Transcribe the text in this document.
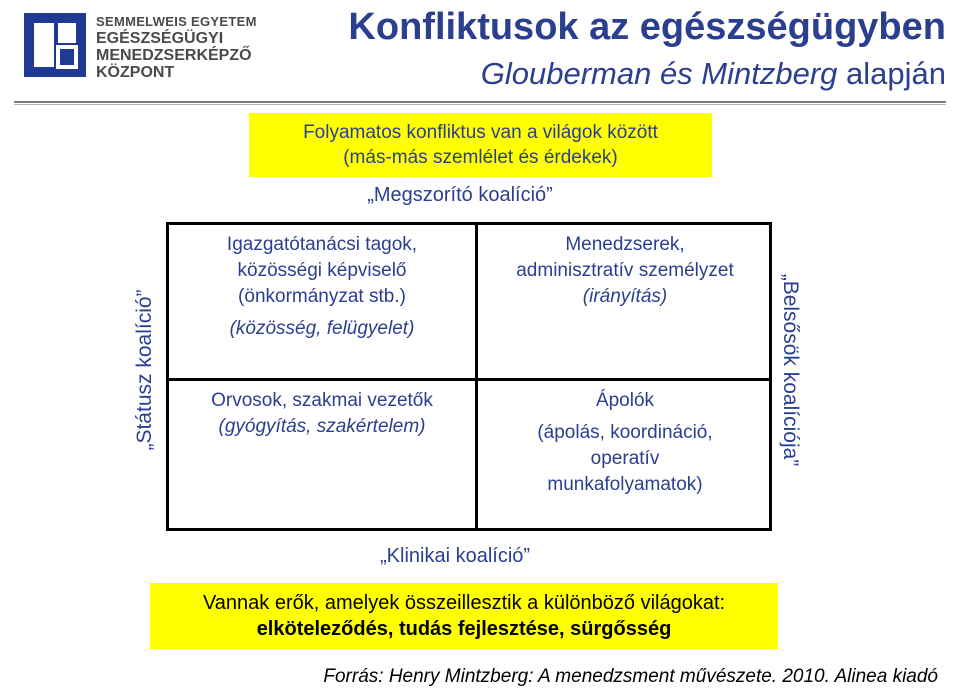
SEMMELWEIS EGYETEM
EGÉSZSÉGÜGYI
MENEDZSERKÉPZŐ
KÖZPONT
Konfliktusok az egészségügyben
Glouberman és Mintzberg alapján
Folyamatos konfliktus van a világok között
(más-más szemlélet és érdekek)
„Megszorító koalíció”
Igazgatótanácsi tagok,
közösségi képviselő
(önkormányzat stb.)
(közösség, felügyelet)
Menedzserek,
adminisztratív személyzet
(irányítás)
Orvosok, szakmai vezetők
(gyógyítás, szakértelem)
Ápolók
(ápolás, koordináció,
operatív
munkafolyamatok)
„Státusz koalíció”	„Belsősök koalíciója”
„Klinikai koalíció”
Vannak erők, amelyek összeillesztik a különböző világokat:
elköteleződés, tudás fejlesztése, sürgősség
Forrás: Henry Mintzberg: A menedzsment művészete. 2010. Alinea kiadó
